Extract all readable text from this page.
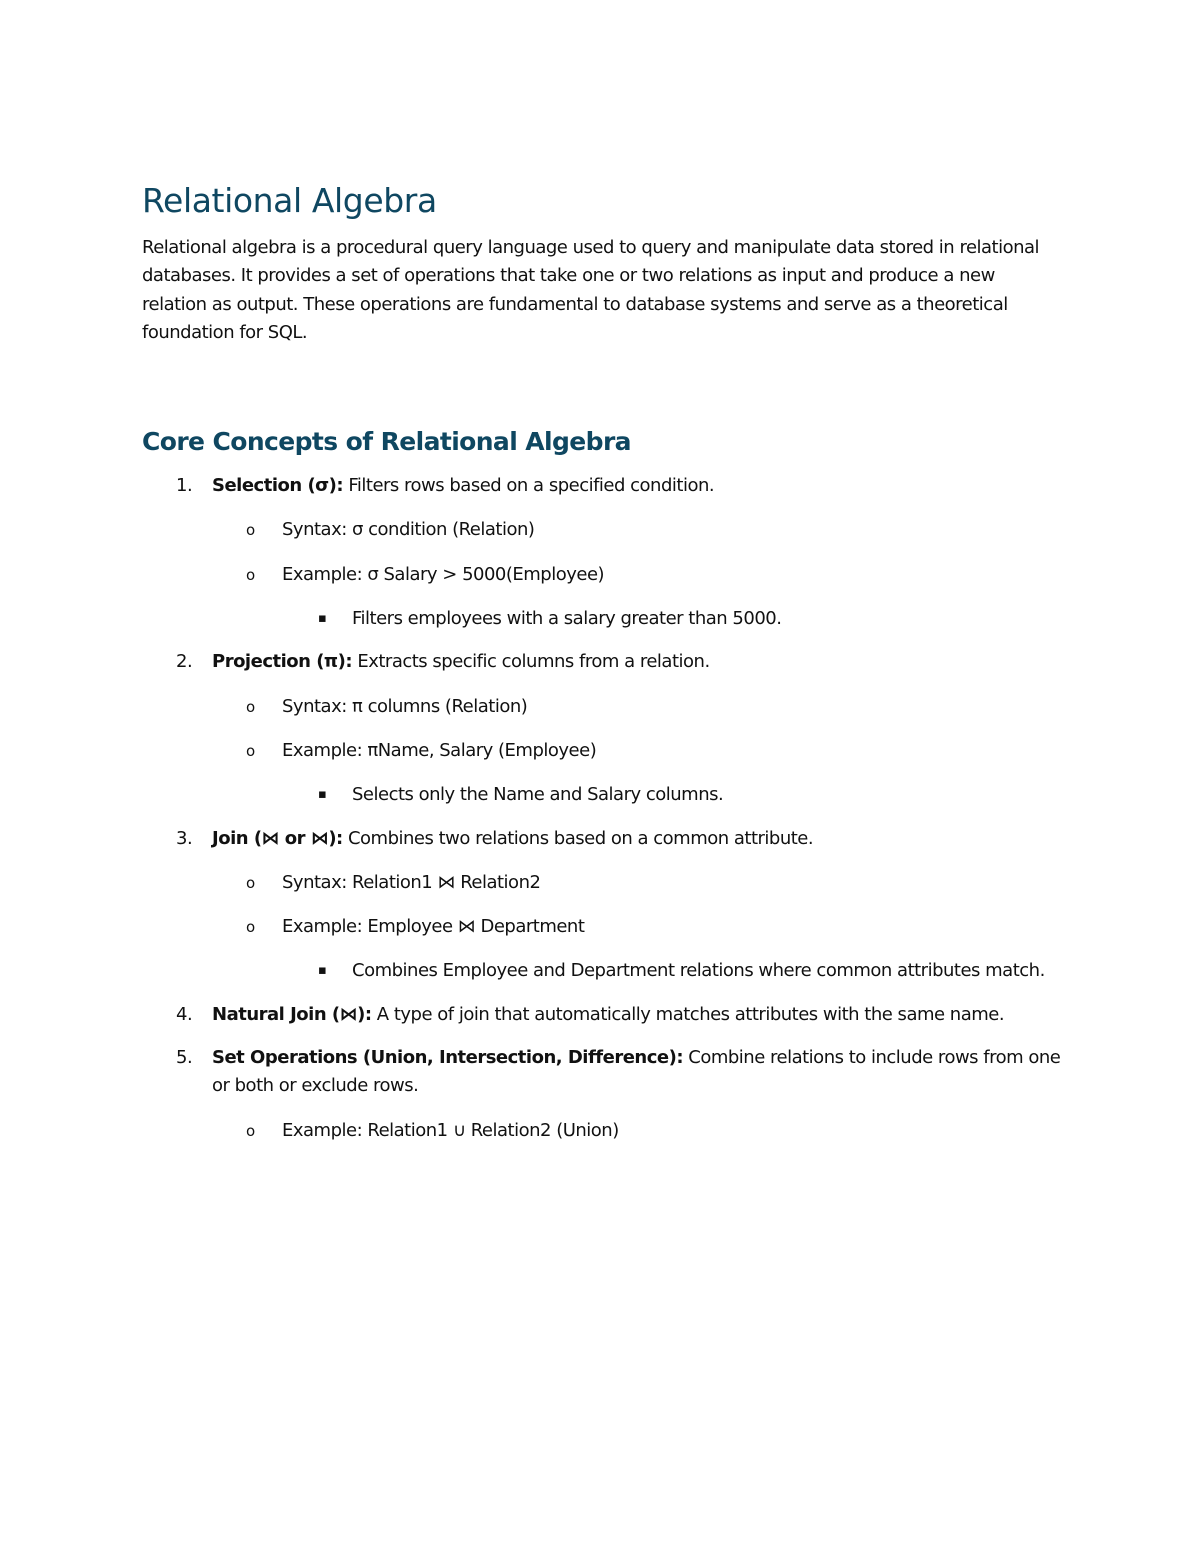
Relational Algebra

Relational algebra is a procedural query language used to query and manipulate data stored in relational databases. It provides a set of operations that take one or two relations as input and produce a new relation as output. These operations are fundamental to database systems and serve as a theoretical foundation for SQL.

Core Concepts of Relational Algebra
1. Selection (σ): Filters rows based on a specified condition.
o Syntax: σ condition (Relation)
o Example: σ Salary > 5000(Employee)
▪ Filters employees with a salary greater than 5000.
2. Projection (π): Extracts specific columns from a relation.
o Syntax: π columns (Relation)
o Example: πName, Salary (Employee)
▪ Selects only the Name and Salary columns.
3. Join (⋈ or ⋈): Combines two relations based on a common attribute.
o Syntax: Relation1 ⋈ Relation2
o Example: Employee ⋈ Department
▪ Combines Employee and Department relations where common attributes match.
4. Natural Join (⋈): A type of join that automatically matches attributes with the same name.
5. Set Operations (Union, Intersection, Difference): Combine relations to include rows from one or both or exclude rows.
o Example: Relation1 ∪ Relation2 (Union)
